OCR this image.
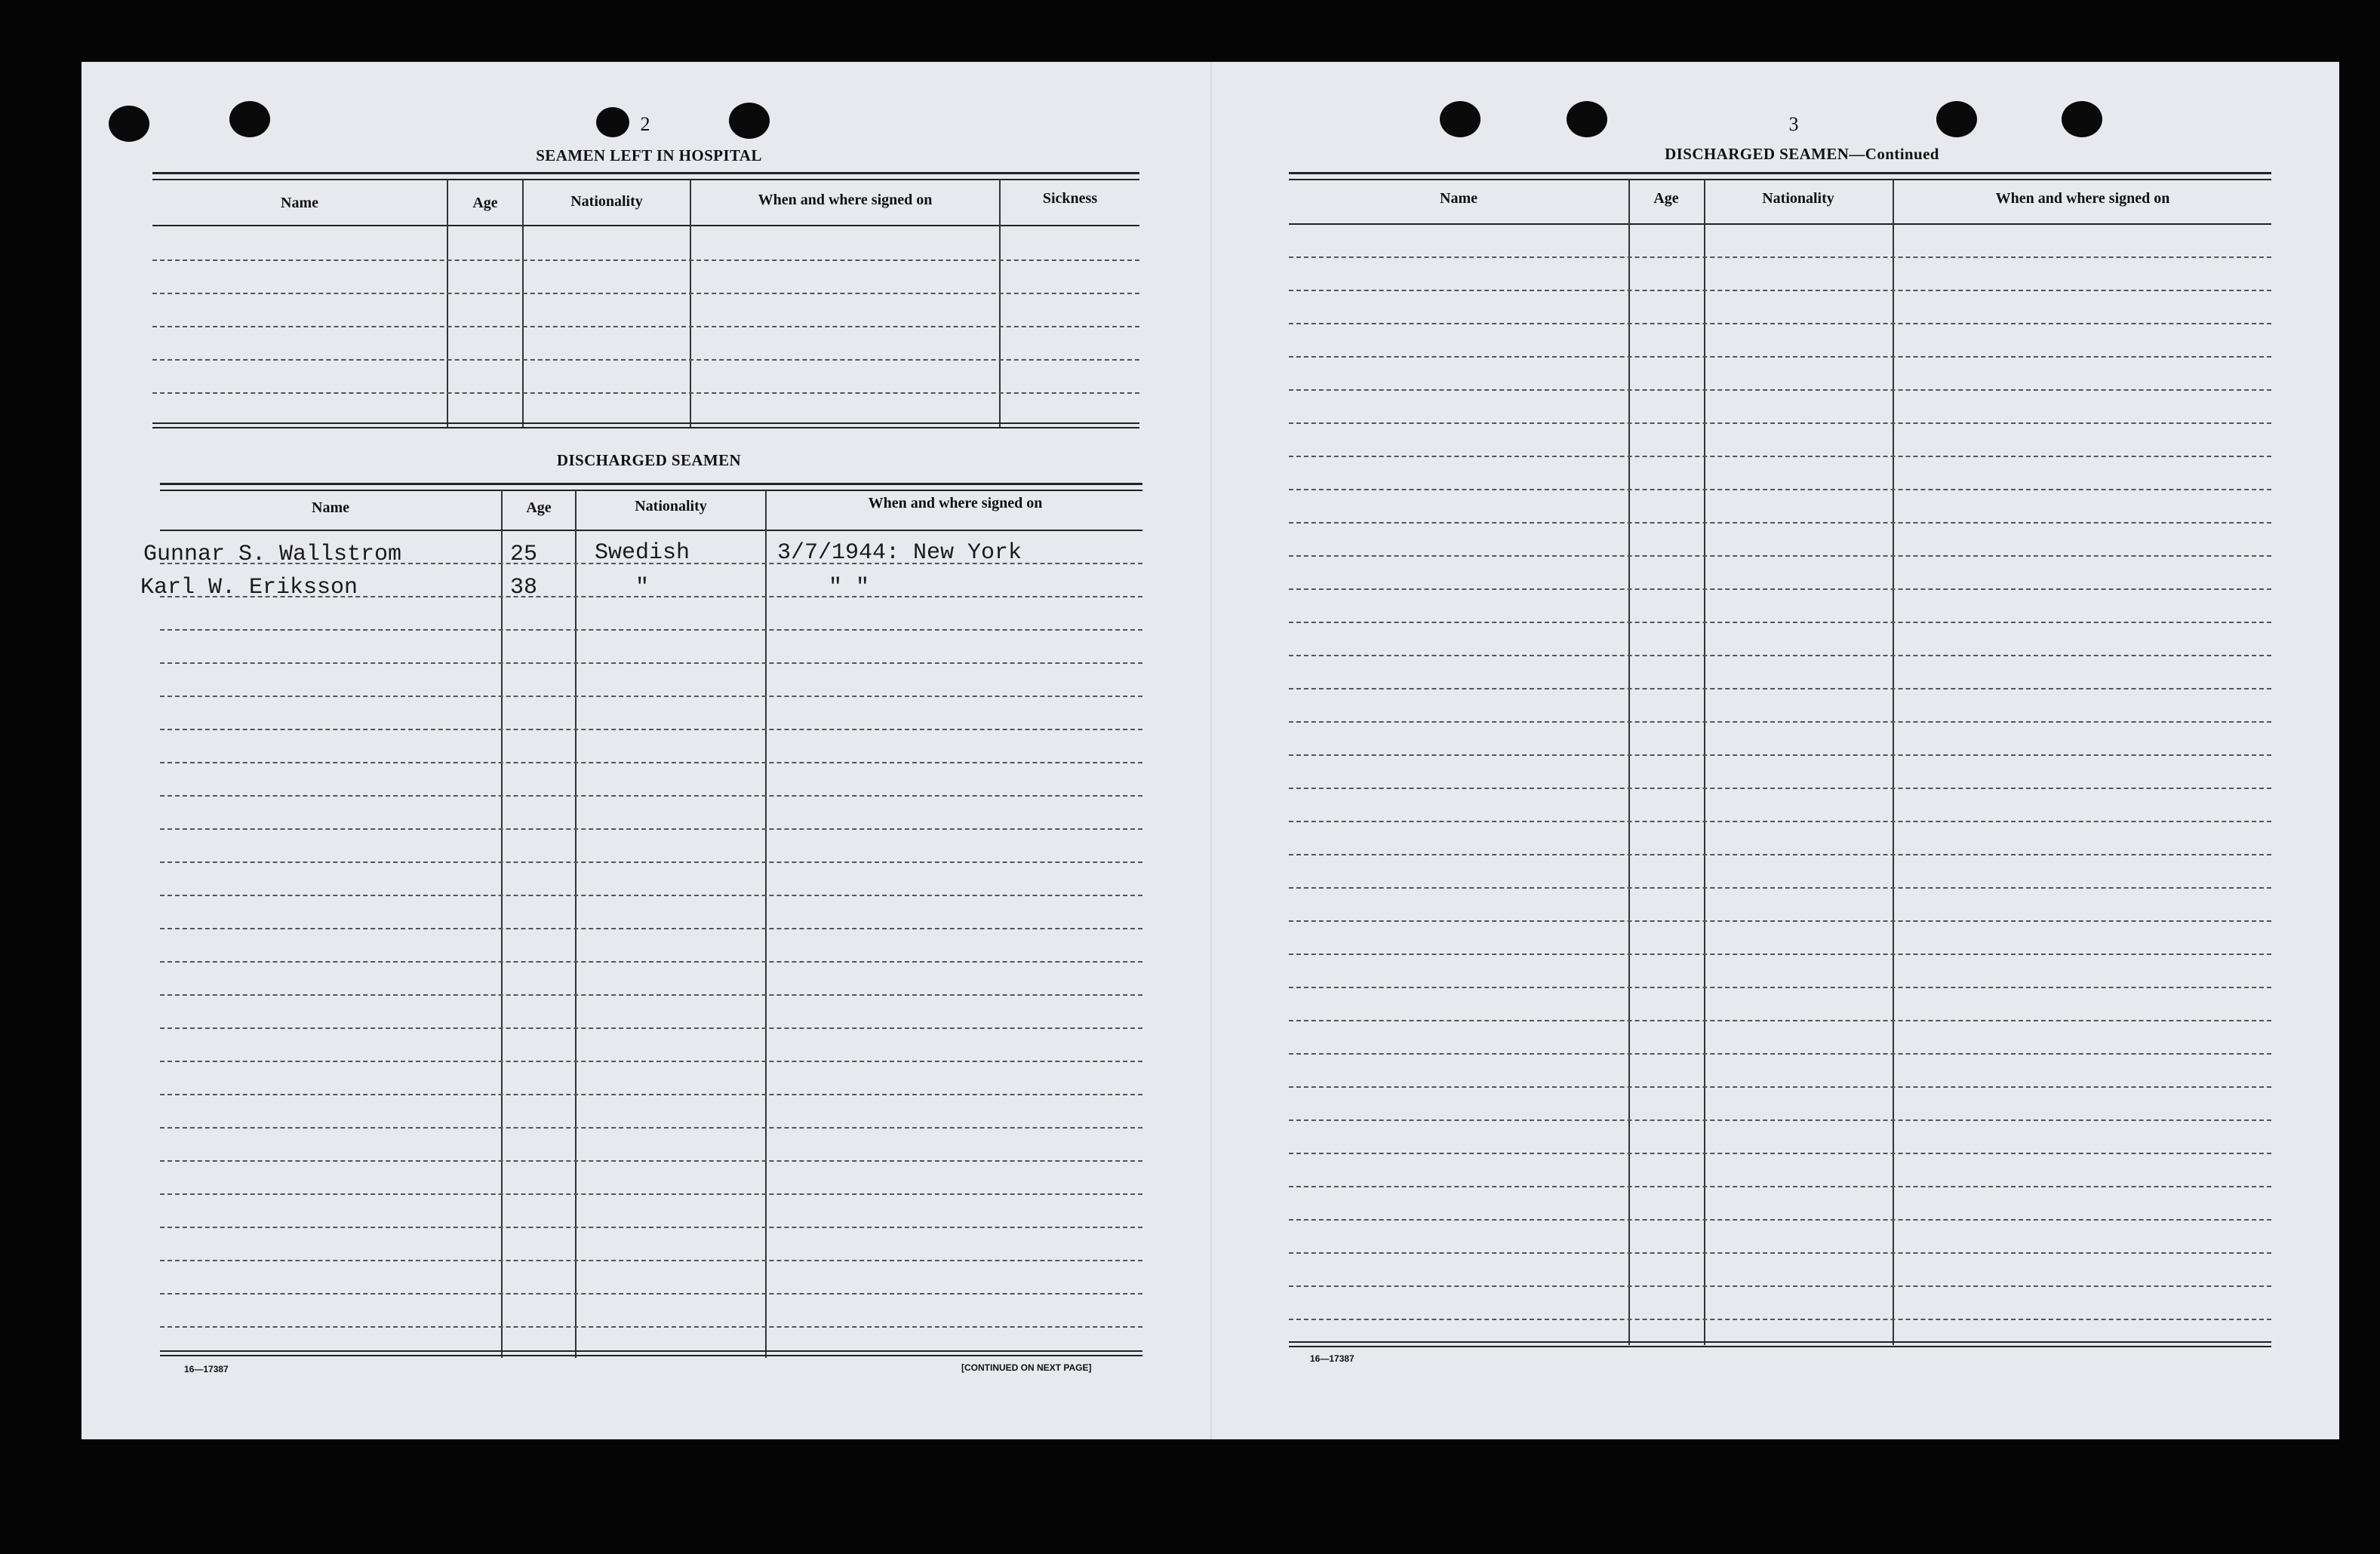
2
SEAMEN LEFT IN HOSPITAL
Name	Age	Nationality	When and where signed on	Sickness
DISCHARGED SEAMEN
Name	Age	Nationality	When and where signed on
Gunnar S. Wallstrom	25	Swedish	3/7/1944: New York
Karl W. Eriksson	38	"	" "
16—17387	[CONTINUED ON NEXT PAGE]
3
DISCHARGED SEAMEN—Continued
Name	Age	Nationality	When and where signed on
16—17387
